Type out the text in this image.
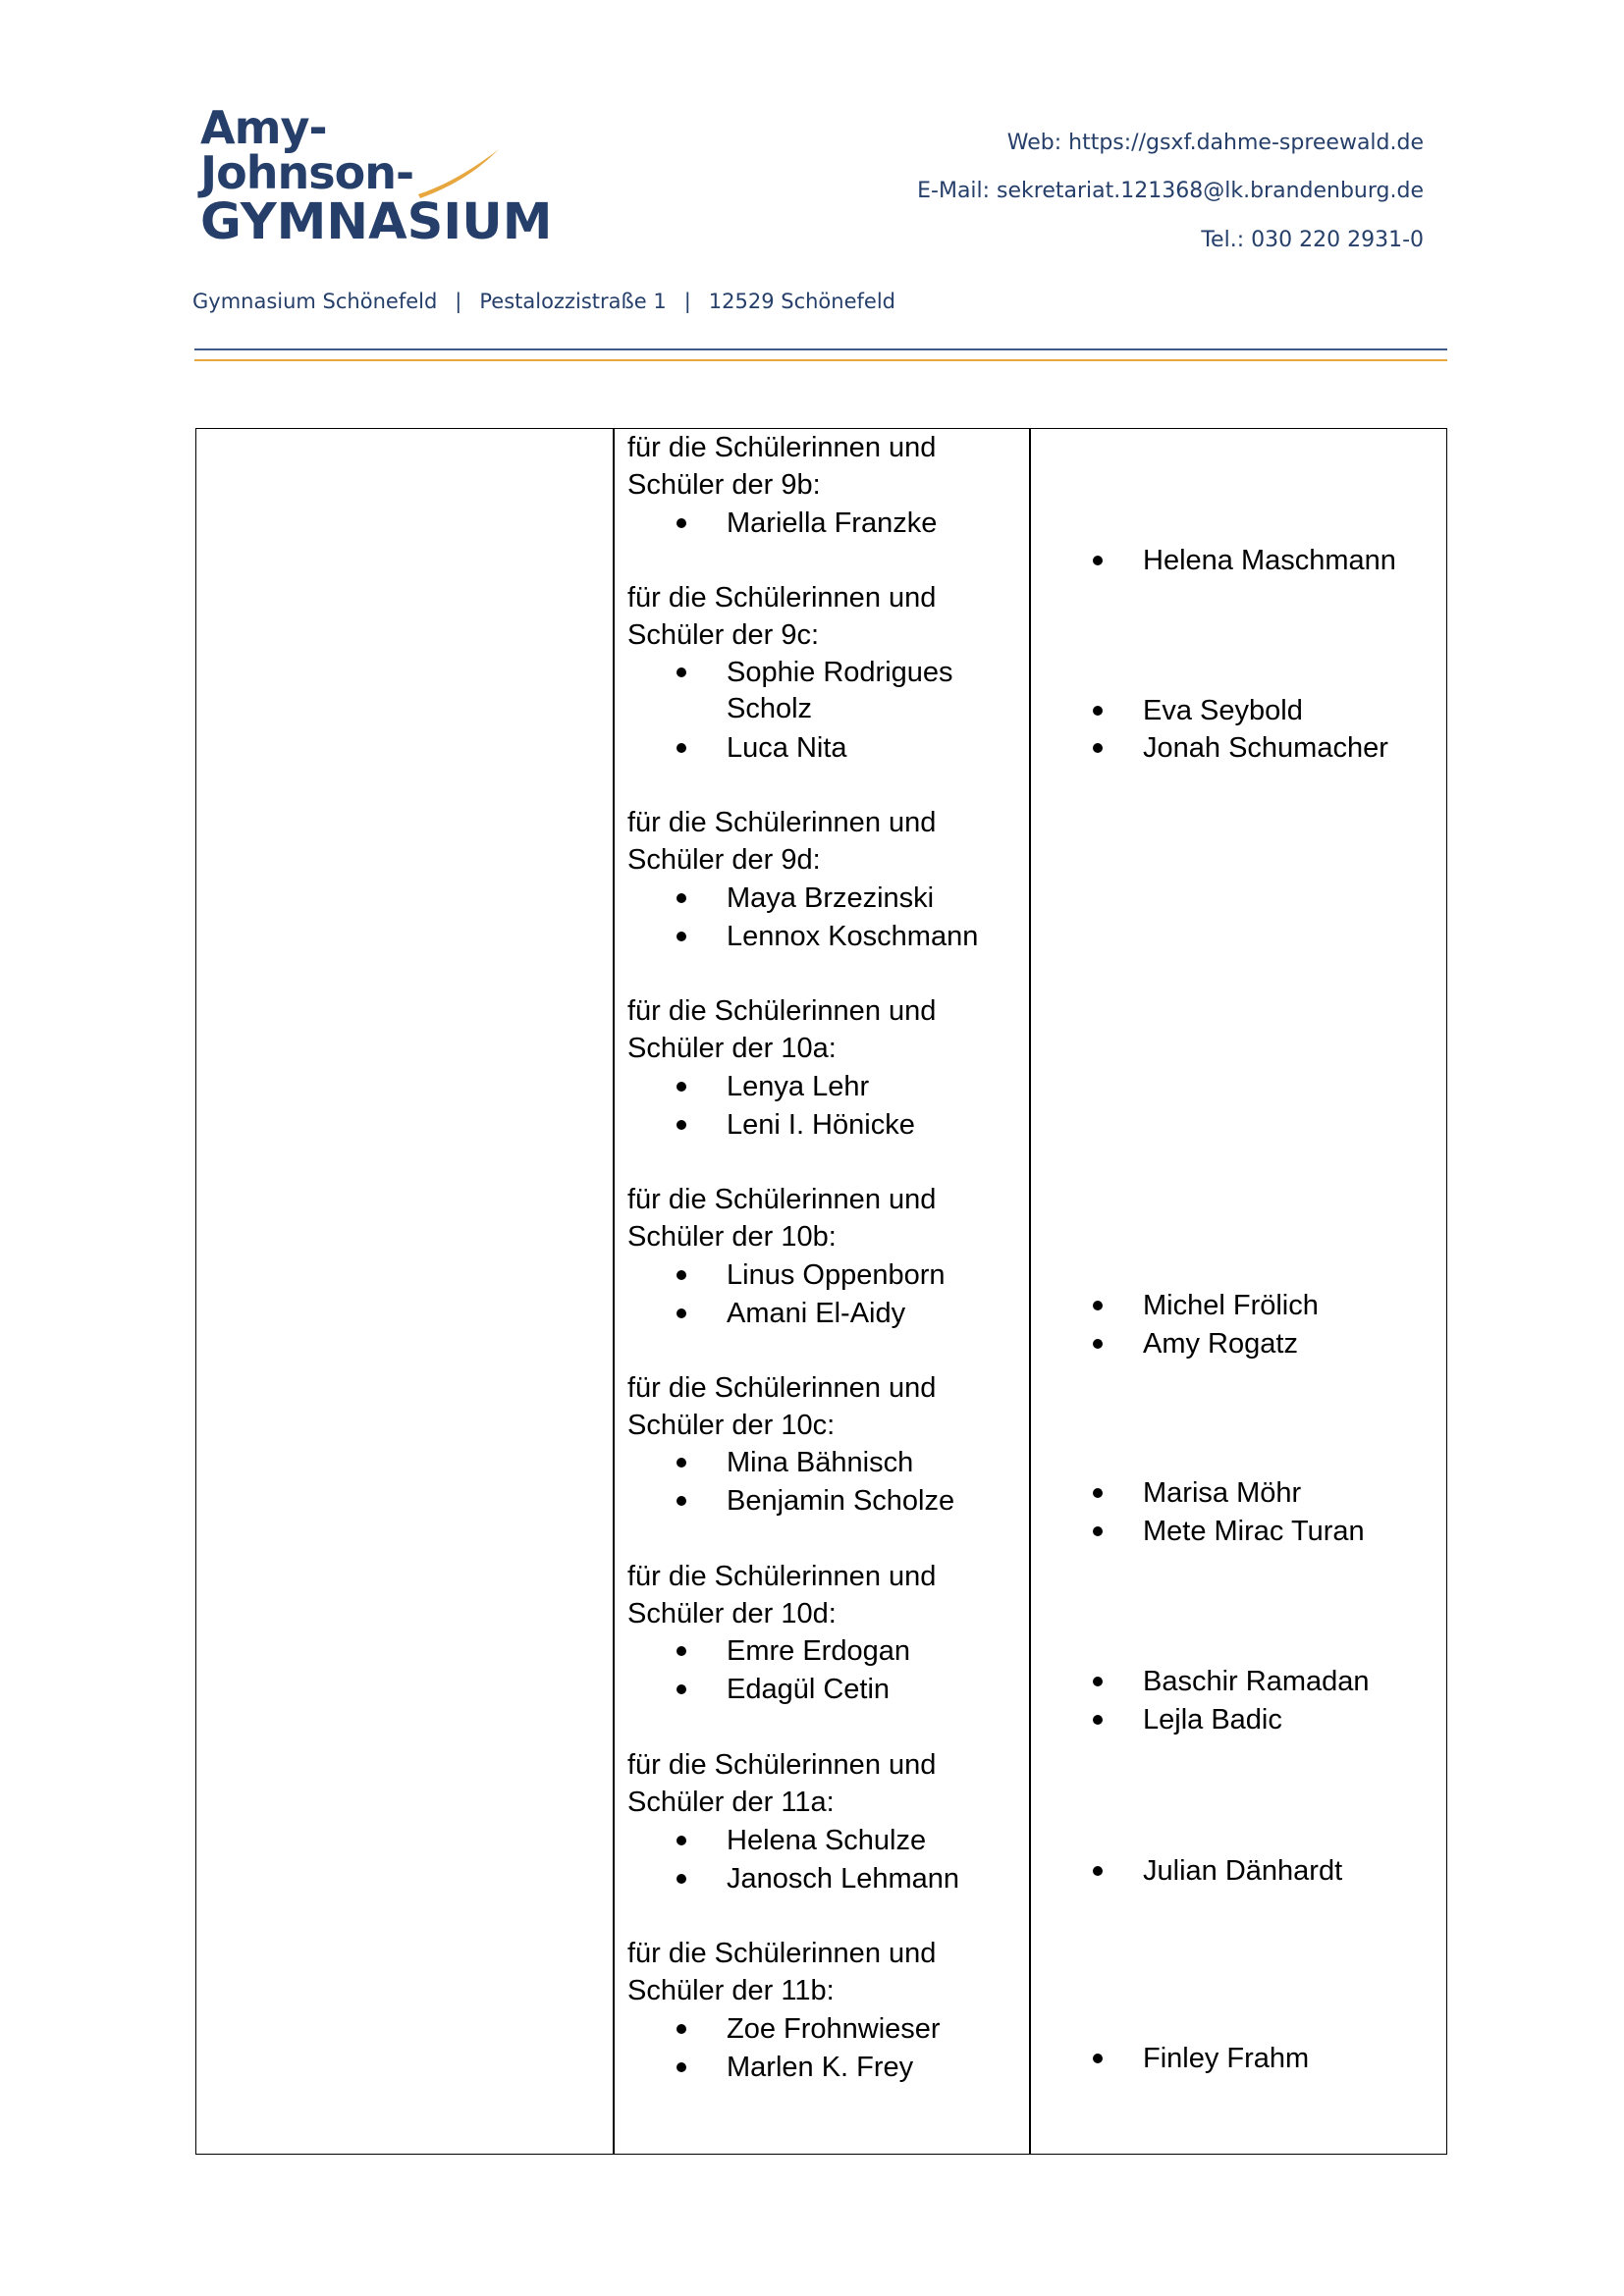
Amy-
Johnson-
GYMNASIUM
Web: https://gsxf.dahme-spreewald.de
E-Mail: sekretariat.121368@lk.brandenburg.de
Tel.: 030 220 2931-0
Gymnasium Schönefeld | Pestalozzistraße 1 | 12529 Schönefeld
für die Schülerinnen und
Schüler der 9b:
Mariella Franzke
für die Schülerinnen und
Schüler der 9c:
Sophie Rodrigues
Scholz
Luca Nita
für die Schülerinnen und
Schüler der 9d:
Maya Brzezinski
Lennox Koschmann
für die Schülerinnen und
Schüler der 10a:
Lenya Lehr
Leni I. Hönicke
für die Schülerinnen und
Schüler der 10b:
Linus Oppenborn
Amani El-Aidy
für die Schülerinnen und
Schüler der 10c:
Mina Bähnisch
Benjamin Scholze
für die Schülerinnen und
Schüler der 10d:
Emre Erdogan
Edagül Cetin
für die Schülerinnen und
Schüler der 11a:
Helena Schulze
Janosch Lehmann
für die Schülerinnen und
Schüler der 11b:
Zoe Frohnwieser
Marlen K. Frey
Helena Maschmann
Eva Seybold
Jonah Schumacher
Michel Frölich
Amy Rogatz
Marisa Möhr
Mete Mirac Turan
Baschir Ramadan
Lejla Badic
Julian Dänhardt
Finley Frahm
